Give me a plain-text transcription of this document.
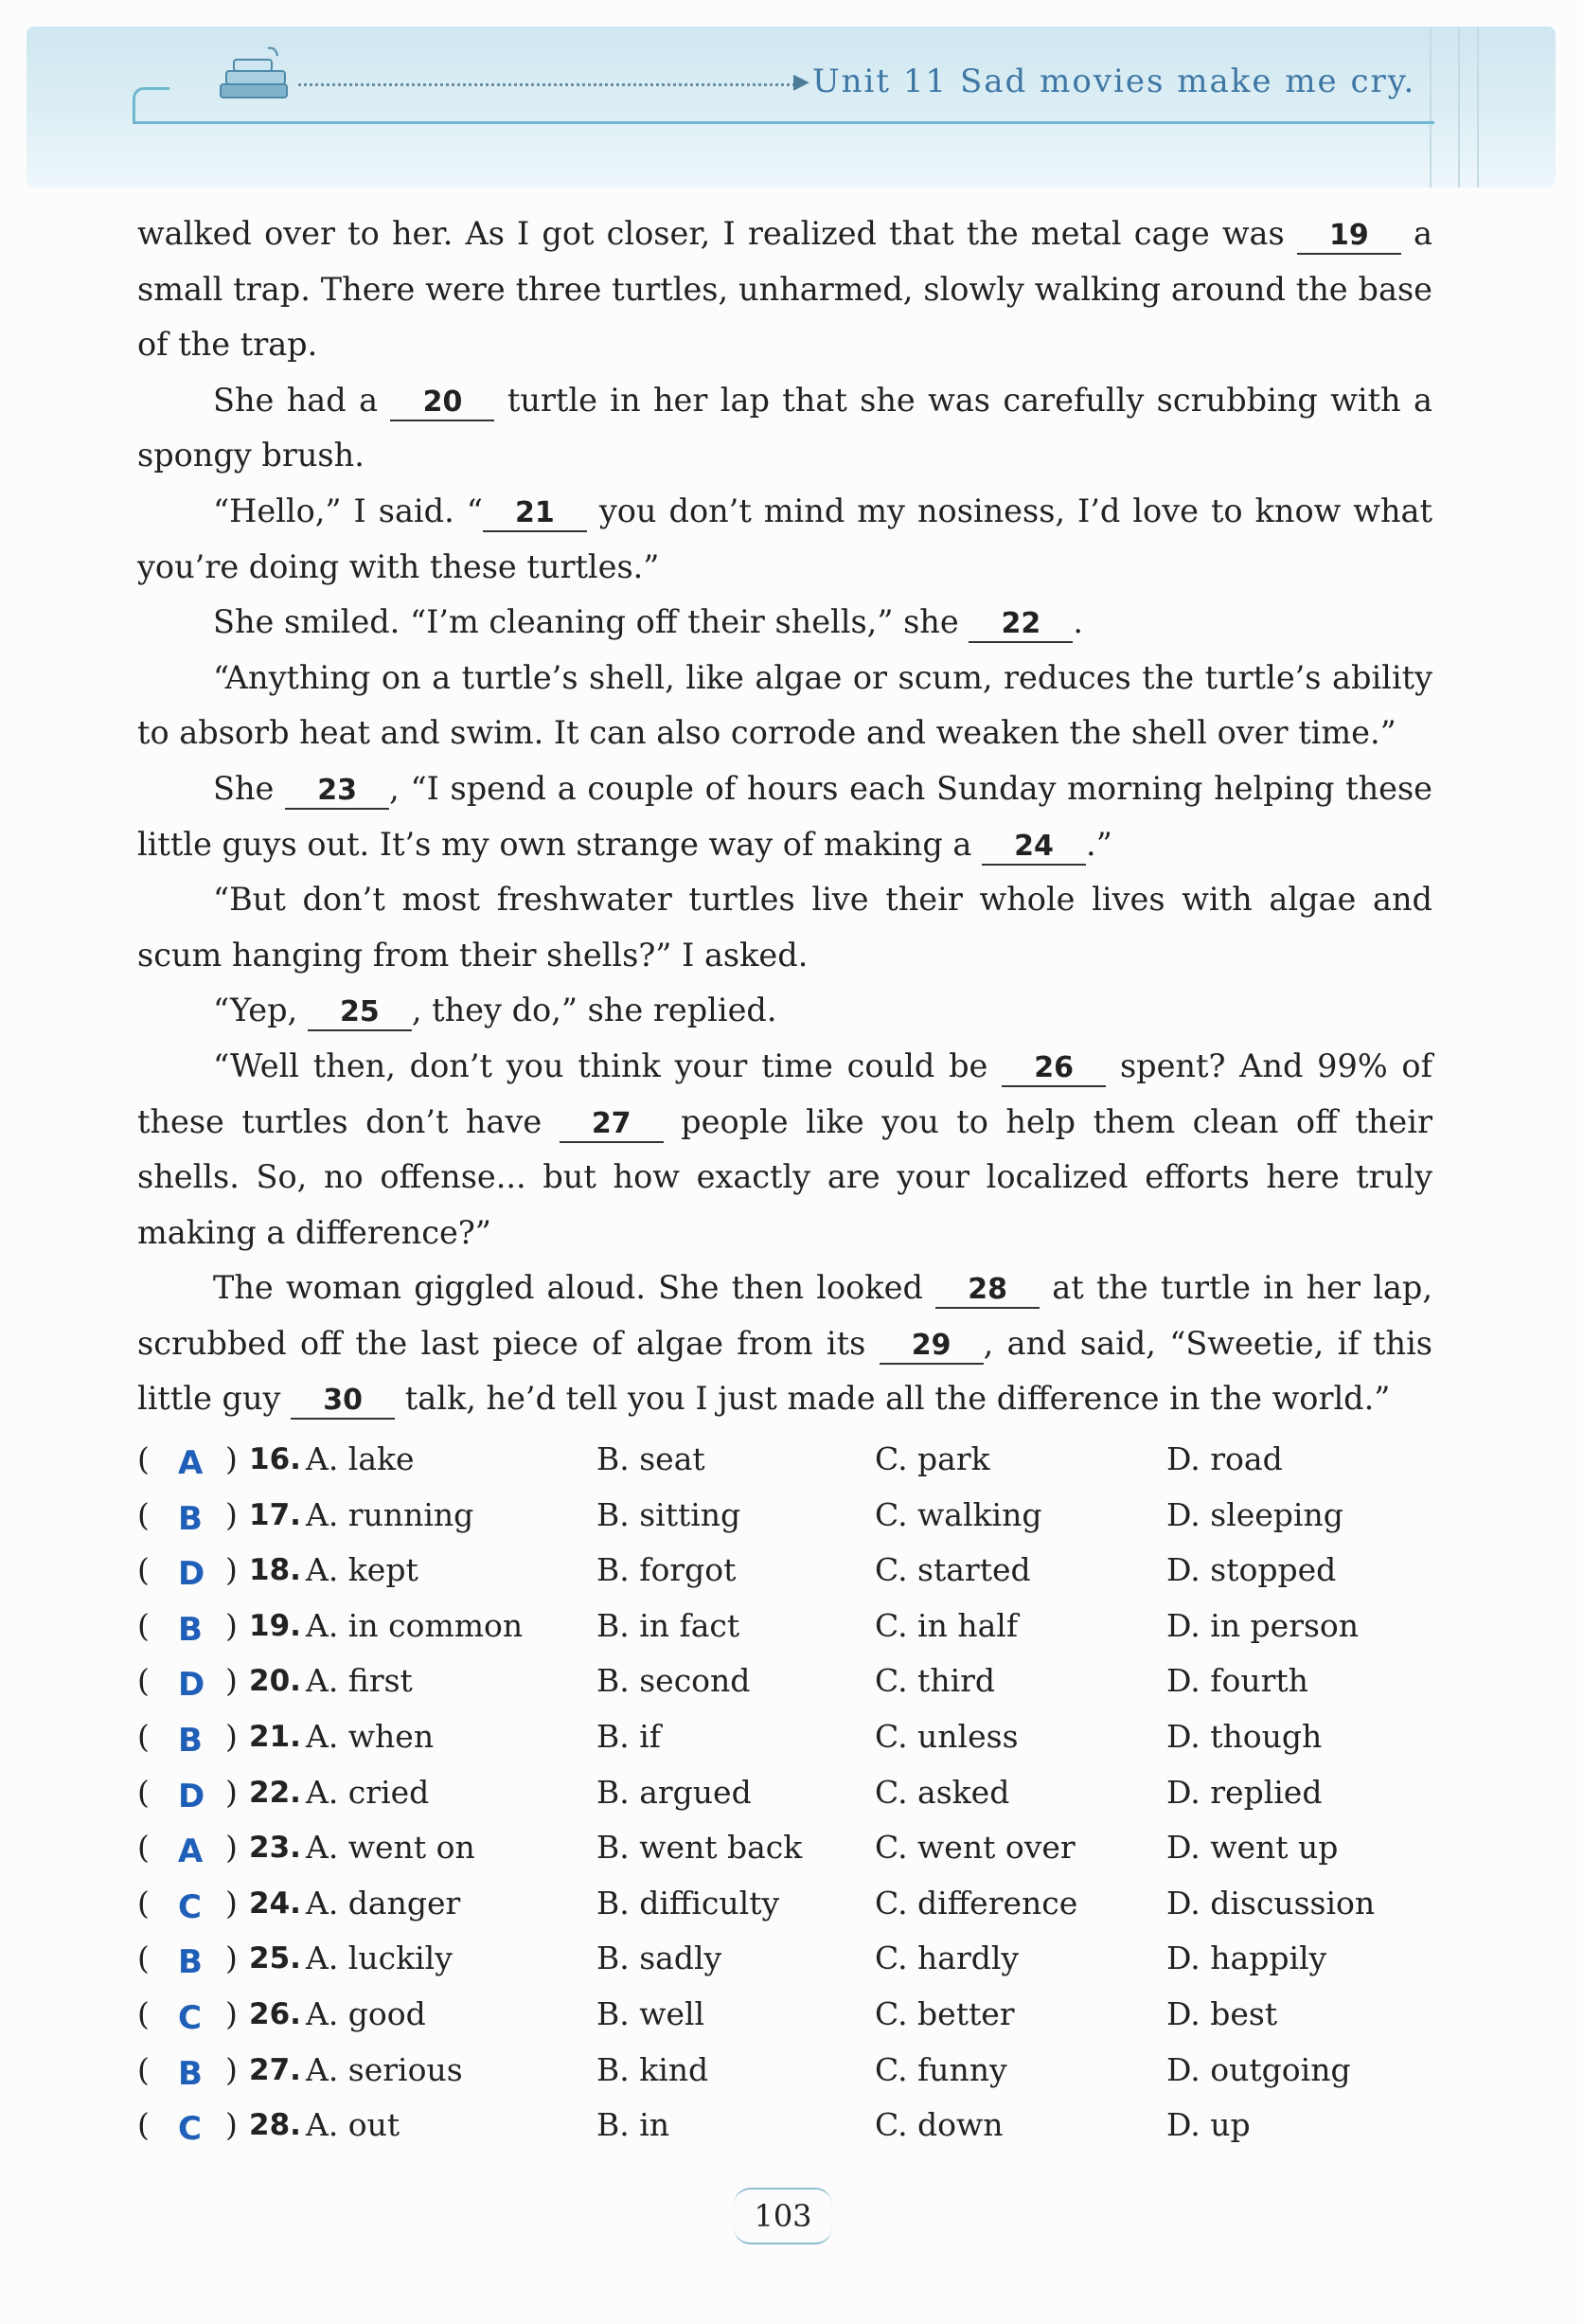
▶ Unit 11 Sad movies make me cry.

walked over to her. As I got closer, I realized that the metal cage was 19 a small trap. There were three turtles, unharmed, slowly walking around the base of the trap.

She had a 20 turtle in her lap that she was carefully scrubbing with a spongy brush.

“Hello,” I said. “ 21 you don’t mind my nosiness, I’d love to know what you’re doing with these turtles.”

She smiled. “I’m cleaning off their shells,” she 22 .

“Anything on a turtle’s shell, like algae or scum, reduces the turtle’s ability to absorb heat and swim. It can also corrode and weaken the shell over time.”

She 23 , “I spend a couple of hours each Sunday morning helping these little guys out. It’s my own strange way of making a 24 .”

“But don’t most freshwater turtles live their whole lives with algae and scum hanging from their shells?” I asked.

“Yep, 25 , they do,” she replied.

“Well then, don’t you think your time could be 26 spent? And 99% of these turtles don’t have 27 people like you to help them clean off their shells. So, no offense... but how exactly are your localized efforts here truly making a difference?”

The woman giggled aloud. She then looked 28 at the turtle in her lap, scrubbed off the last piece of algae from its 29 , and said, “Sweetie, if this little guy 30 talk, he’d tell you I just made all the difference in the world.”

( A 16. A. lake	B. seat	C. park	D. road
)
( B 17. A. running	B. sitting	C. walking	D. sleeping
)
( D 18. A. kept	B. forgot	C. started	D. stopped
)
( B 19. A. in common B. in fact	C. in half	D. in person
)
( D 20. A. first	B. second	C. third	D. fourth
)
( B 21. A. when	B. if	C. unless	D. though
)
( D 22. A. cried	B. argued	C. asked	D. replied
)
( A 23. A. went on	B. went back C. went over	D. went up
)
( C 24. A. danger	B. difficulty	C. difference	D. discussion
)
( B 25. A. luckily	B. sadly	C. hardly	D. happily
)
( C 26. A. good	B. well	C. better	D. best
)
( B 27. A. serious	B. kind	C. funny	D. outgoing
)
( C 28. A. out	B. in	C. down	D. up
)
103
